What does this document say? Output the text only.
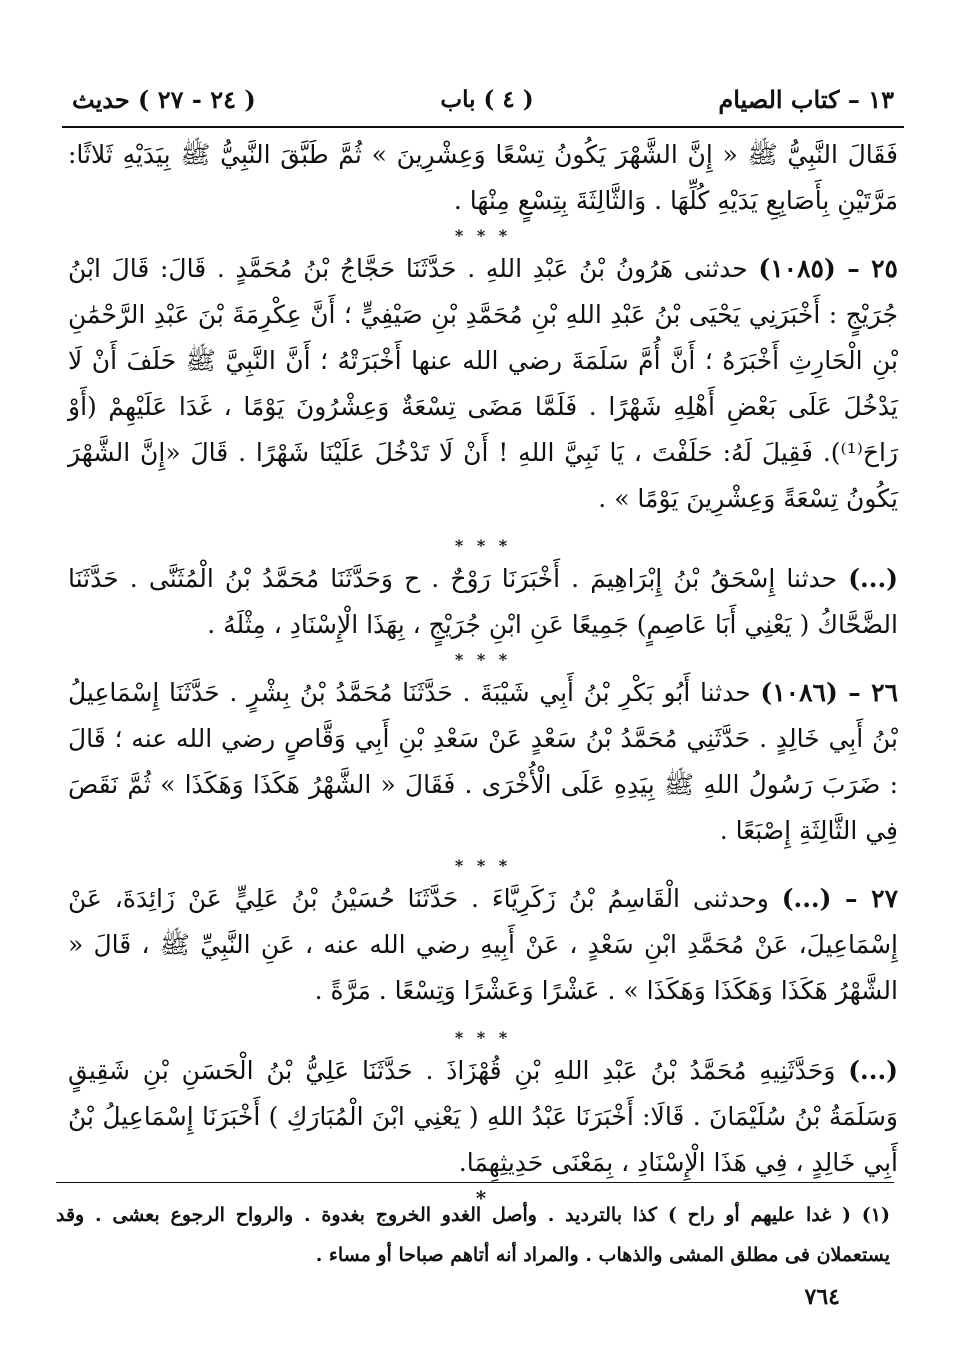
١٣ – كتاب الصيام
( ٤ ) باب
( ٢٤ - ٢٧ ) حديث

فَقَالَ النَّبِيُّ ﷺ « إِنَّ الشَّهْرَ يَكُونُ تِسْعًا وَعِشْرِينَ » ثُمَّ طَبَّقَ النَّبِيُّ ﷺ بِيَدَيْهِ ثَلاثًا: مَرَّتَيْنِ بِأَصَابِعِ يَدَيْهِ كُلِّهَا . وَالثَّالِثَةَ بِتِسْعٍ مِنْهَا .

* * *

٢٥ – (١٠٨٥) حدثنى هَرُونُ بْنُ عَبْدِ اللهِ . حَدَّثَنَا حَجَّاجُ بْنُ مُحَمَّدٍ . قَالَ: قَالَ ابْنُ جُرَيْجٍ : أَخْبَرَنِي يَحْيَى بْنُ عَبْدِ اللهِ بْنِ مُحَمَّدِ بْنِ صَيْفِيٍّ ؛ أَنَّ عِكْرِمَةَ بْنَ عَبْدِ الرَّحْمَٰنِ بْنِ الْحَارِثِ أَخْبَرَهُ ؛ أَنَّ أُمَّ سَلَمَةَ رضي الله عنها أَخْبَرَتْهُ ؛ أَنَّ النَّبِيَّ ﷺ حَلَفَ أَنْ لَا يَدْخُلَ عَلَى بَعْضِ أَهْلِهِ شَهْرًا . فَلَمَّا مَضَى تِسْعَةٌ وَعِشْرُونَ يَوْمًا ، غَدَا عَلَيْهِمْ (أَوْ رَاحَ⁽¹⁾). فَقِيلَ لَهُ: حَلَفْتَ ، يَا نَبِيَّ اللهِ ! أَنْ لَا تَدْخُلَ عَلَيْنَا شَهْرًا . قَالَ «إِنَّ الشَّهْرَ يَكُونُ تِسْعَةً وَعِشْرِينَ يَوْمًا » .

* * *

(...) حدثنا إِسْحَقُ بْنُ إِبْرَاهِيمَ . أَخْبَرَنَا رَوْحٌ . ح وَحَدَّثَنَا مُحَمَّدُ بْنُ الْمُثَنَّى . حَدَّثَنَا الضَّحَّاكُ ( يَعْنِي أَبَا عَاصِمٍ) جَمِيعًا عَنِ ابْنِ جُرَيْجٍ ، بِهَذَا الْإِسْنَادِ ، مِثْلَهُ .

* * *

٢٦ – (١٠٨٦) حدثنا أَبُو بَكْرِ بْنُ أَبِي شَيْبَةَ . حَدَّثَنَا مُحَمَّدُ بْنُ بِشْرٍ . حَدَّثَنَا إِسْمَاعِيلُ بْنُ أَبِي خَالِدٍ . حَدَّثَنِي مُحَمَّدُ بْنُ سَعْدٍ عَنْ سَعْدِ بْنِ أَبِي وَقَّاصٍ رضي الله عنه ؛ قَالَ : ضَرَبَ رَسُولُ اللهِ ﷺ بِيَدِهِ عَلَى الْأُخْرَى . فَقَالَ « الشَّهْرُ هَكَذَا وَهَكَذَا » ثُمَّ نَقَصَ فِي الثَّالِثَةِ إِصْبَعًا .

* * *

٢٧ – (...) وحدثنى الْقَاسِمُ بْنُ زَكَرِيَّاءَ . حَدَّثَنَا حُسَيْنُ بْنُ عَلِيٍّ عَنْ زَائِدَةَ، عَنْ إِسْمَاعِيلَ، عَنْ مُحَمَّدِ ابْنِ سَعْدٍ ، عَنْ أَبِيهِ رضي الله عنه ، عَنِ النَّبِيِّ ﷺ ، قَالَ « الشَّهْرُ هَكَذَا وَهَكَذَا وَهَكَذَا » . عَشْرًا وَعَشْرًا وَتِسْعًا . مَرَّةً .

* * *

(...) وَحَدَّثَنِيهِ مُحَمَّدُ بْنُ عَبْدِ اللهِ بْنِ قُهْزَاذَ . حَدَّثَنَا عَلِيُّ بْنُ الْحَسَنِ بْنِ شَقِيقٍ وَسَلَمَةُ بْنُ سُلَيْمَانَ . قَالَا: أَخْبَرَنَا عَبْدُ اللهِ ( يَعْنِي ابْنَ الْمُبَارَكِ ) أَخْبَرَنَا إِسْمَاعِيلُ بْنُ أَبِي خَالِدٍ ، فِي هَذَا الْإِسْنَادِ ، بِمَعْنَى حَدِيثِهِمَا.

*

(١) ( غدا عليهم أو راح ) كذا بالترديد . وأصل الغدو الخروج بغدوة . والرواح الرجوع بعشى . وقد يستعملان فى مطلق المشى والذهاب . والمراد أنه أتاهم صباحا أو مساء .

٧٦٤
